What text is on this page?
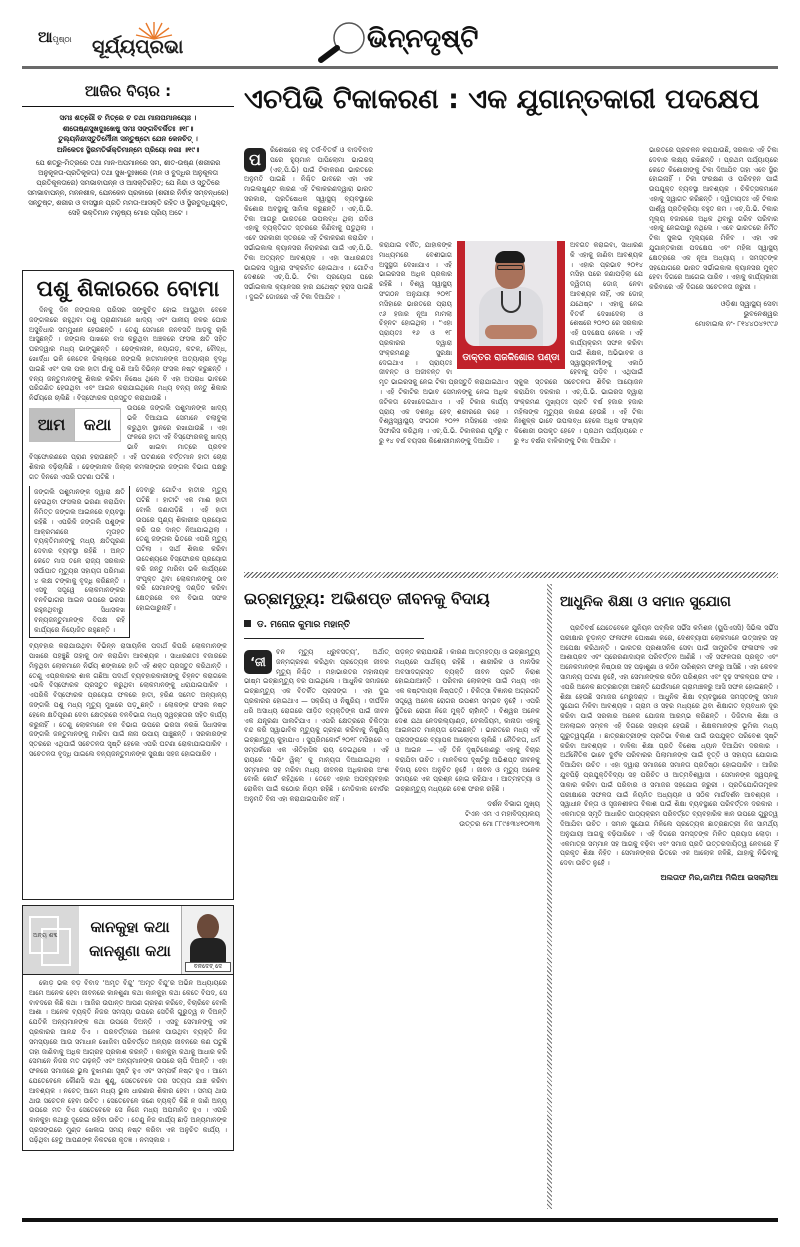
ଆପୃଷ୍ଠା ସୂର୍ଯ୍ୟପ୍ରଭା	ଭିନ୍ନଦୃଷ୍ଟି
ଆଜିର ବିଚାର :
ସମଃ ଶତ୍ରୌ ଚ ମିତ୍ରେ ଚ ତଥା ମାନାପମାନୟୋଃ ।
ଶୀତୋଷ୍ଣସୁଖଦୁଃଖେଷୁ ସମଃ ସଙ୍ଗବିବର୍ଜିତଃ ॥୧୮॥
ତୁଲ୍ୟନିନ୍ଦାସ୍ତୁତିର୍ମୌନୀ ସନ୍ତୁଷ୍ଟୋ ଯେନ କେନଚିତ୍ ।
ଅନିକେତଃ ସ୍ଥିରମତିର୍ଭକ୍ତିମାନ୍ମେ ପ୍ରିୟୋ ନରଃ ॥୧୯॥
ଯେ ଶତ୍ରୁ-ମିତ୍ରରେ ତଥା ମାନ-ଅପମାନରେ ସମ, ଶୀତ-ଉଷ୍ଣ (ଶରୀରର ଅନୁକୂଳତା-ପ୍ରତିକୂଳତା) ତଥା ସୁଖ-ଦୁଃଖରେ (ମନ ଓ ବୁଦ୍ଧିର ଅନୁକୂଳତା ପ୍ରତିକୂଳତାରେ) ସମଭାବାପନ୍ନ ଓ ଆସକ୍ତିରହିତ; ଯେ ନିନ୍ଦା ଓ ସ୍ତୁତିରେ ସମଭାବାପନ୍ନ, ମନନଶୀଳ, ଯେନକେନ ପ୍ରକାରେ (ଶରୀର ନିର୍ବାହ ସମ୍ବନ୍ଧରେ) ସନ୍ତୁଷ୍ଟ, ଶରୀର ଓ ବାସସ୍ଥାନ ପ୍ରତି ମମତା-ଆସକ୍ତି ରହିତ ଓ ସ୍ଥିରବୁଦ୍ଧିଯୁକ୍ତ, ସେହି ଭକ୍ତିମାନ ମନୁଷ୍ୟ ମୋର ପ୍ରିୟ ଅଟେ ।
ପଶୁ ଶିକାରରେ ବୋମା

ଦିନକୁ ଦିନ ଜଙ୍ଗଲର ପରିସର ସଙ୍କୁଚିତ ହୋଇ ଆସୁଥିବା ବେଳେ ଜଙ୍ଗଲରେ ରହୁଥିବା ପଶୁ ପ୍ରାଣୀମାନେ ଖାଦ୍ୟ ଏବଂ ପାନୀୟ ଜଳର ଘୋର ଅସୁବିଧାର ସମ୍ମୁଖୀନ ହେଉଛନ୍ତି । ତେଣୁ ସେମାନେ ଜନବସତି ଆଡ଼କୁ ଚାଲି ଆସୁଛନ୍ତି । ଜଙ୍ଗଲ ପାଖରେ ବାସ କରୁଥିବା ଅଞ୍ଚଳରେ ଫସଲ କ୍ଷତି ସହିତ ଘରଦ୍ୱାର ମଧ୍ୟ ଭାଙ୍ଗୁଛନ୍ତି । ଢେଙ୍କାନାଳ, ନୟାଗଡ଼, କଟକ, ବୌଦ୍ଧ, ଖୋର୍ଦ୍ଧା ଭଳି କେତେକ ଜିଲ୍ଲାରେ ଜଙ୍ଗଲି ହାତୀମାନଙ୍କ ଅତ୍ୟାଚାର ବୃଦ୍ଧି ପାଇଛି ଏବଂ ପଲ ପଲ ହାତୀ ଗାଁକୁ ପଶି ଆସି ବିଭିନ୍ନ ଫସଲ ନଷ୍ଟ କରୁଛନ୍ତି । ବନ୍ୟ ଜନ୍ତୁମାନଙ୍କୁ ଶିକାର କରିବା ନିଷେଧ ଥିଲେ ବି ଏହା ଅପରାଧ ଭାବରେ ପରିଗଣିତ ହେଉଥିବା ଏବଂ ଆଇନ କରାଯାଇଥିଲେ ମଧ୍ୟ ବନ୍ୟ ଜନ୍ତୁ ଶିକାର ନିର୍ଭୟରେ ଚାଲିଛି । ବିସ୍ଫୋରକ ପ୍ରସ୍ତୁତ କରାଯାଉଛି ।

ଆମ	କଥା
ଉପରେ ଜଙ୍ଗଲି ପଶୁମାନଙ୍କ ଖାଦ୍ୟ ଭଳି ଦିଆଯାଇ ସେମାନେ ଚଲାବୁଲା କରୁଥିବା ସ୍ଥାନରେ ରଖାଯାଉଛି । ଏହା ଫଳରେ ହାତୀ ଏହି ବିସ୍ଫୋରକକୁ ଖାଦ୍ୟ ଭାବି ଖାଇବା ମାତ୍ରେ ପ୍ରବଳ ବିସ୍ଫୋରଣରେ ପ୍ରାଣ ହରାଉଛନ୍ତି । ଏହି ଘଟଣାରେ ବର୍ତ୍ତମାନ ହାତୀ ଚୋରା ଶିକାର ବଢ଼ିଚାଲିଛି । ଢେଙ୍କାନାଳ ଜିଲ୍ଲା କମଳାଙ୍ଗର ଜଙ୍ଗଲ ବିଭାଗ ପକ୍ଷରୁ ଗତ ଦିନରେ ଏପରି ଘଟଣା ଘଟିଛି ।
ଜଙ୍ଗଲି ପଶୁମାନଙ୍କ ଦ୍ୱାରା କ୍ଷତି ହେଉଥିବା ଫସଲର ଭରଣା କରାଯିବା ନିମିତ୍ତ ଜଙ୍ଗଲ ଆଇନରେ ବ୍ୟବସ୍ଥା ରହିଛି । ଏପରିକି ଜଙ୍ଗଲି ପଶୁଙ୍କ ଆକ୍ରମଣରେ ମୃତାହତ ବ୍ୟକ୍ତିମାନଙ୍କୁ ମଧ୍ୟ କ୍ଷତିପୂରଣ ଦେବାର ବ୍ୟବସ୍ଥା ରହିଛି । ଅନ୍ତ କେତେ ମାସ ତଳେ ରାଜ୍ୟ ସରକାର ସର୍ପାଘାତ ମୃତ୍ୟୁର ସହାୟତା ପରିମାଣ ୪ ଲକ୍ଷ ଟଙ୍କାକୁ ବୃଦ୍ଧି କରିଛନ୍ତି । ଏସବୁ ସତ୍ତ୍ୱେ ଲୋକମାନଙ୍କର ବନବିଭାଗର ଆଇନ ଉପରେ ଭରସା ରହୁନଥିବାରୁ ସିଧାସଳଖ ବନ୍ୟଜନ୍ତୁମାନଙ୍କ ବିପକ୍ଷ ରହି କାର୍ଯ୍ୟରେ ନିୟୋଜିତ ରହୁଛନ୍ତି ।
ଦେବାରୁ ଗୋଟିଏ ହାତୀର ମୃତ୍ୟୁ ଘଟିଛି । ହାତୀଟି ଏକ ମାଈ ହାତୀ ବୋଲି ଜଣାପଡ଼ିଛି । ଏହି ହାତୀ ଉପରେ ଘୃଣ୍ୟ ଶିକାରୀର ପ୍ରୟୋଗ କରି ତାର ଦାନ୍ତ ନିଆଯାଇଥିଲା । ତେଣୁ ଜଙ୍ଗଲ ଭିତରେ ଏପରି ମୃତ୍ୟୁ ଘଟିଲା । ସାର୍ଥ ଶିକାର କରିବା ଉଦ୍ଦେଶ୍ୟରେ ବିସ୍ଫୋରକ ପ୍ରୟୋଗ କରି ଜନ୍ତୁ ମାରିବା ଭଳି କାର୍ଯ୍ୟରେ ସଂପୃକ୍ତ ଥିବା ଲୋକମାନଙ୍କୁ ଠାବ କରି ସେମାନଙ୍କୁ ଦଣ୍ଡିତ କରିବା କ୍ଷେତ୍ରରେ ବନ ବିଭାଗ ସଫଳ ହୋଇପାରୁନାହିଁ ।
ବ୍ୟବହାର କରାଯାଉଥିବା ବିଭିନ୍ନ ରାସାୟନିକ ପଦାର୍ଥ କିପରି ଲୋକମାନଙ୍କ ପାଖରେ ପହଞ୍ଚୁଛି ତାହାକୁ ଠାବ କରାଯିବା ଆବଶ୍ୟକ । ସାଧାରଣତଃ ବଜାରରେ ମିଳୁଥିବା ଲୋକମାନେ ନିର୍ଭୟ ଶଙ୍କାରେ ହାତି ଏହି ଶକ୍ତ ପ୍ରସ୍ତୁତ କରିଥାନ୍ତି । ତେଣୁ ଏପ୍ରକାରର ଶାକ ଗଛିଆ ପଦାର୍ଥ ବ୍ୟବହାରକାରୀଙ୍କୁ ଚିହ୍ନଟ କରାଗଲେ ଏଭଳି ବିସ୍ଫୋରକ ପ୍ରସ୍ତୁତ କରୁଥିବା ଲୋକମାନଙ୍କୁ ଧରାଯାଇପାରିବ । ଏପରିକି ବିସ୍ଫୋରକ ପ୍ରୟୋଗ ଫଳରେ ହାତୀ, ହରିଣ ସମେତ ଅନ୍ୟାନ୍ୟ ଜଙ୍ଗଲି ପଶୁ ମଧ୍ୟ ମୃତ୍ୟୁ ମୁଖରେ ପଡ଼ୁଛନ୍ତି । ଲୋକଙ୍କ ଫସଲ ନଷ୍ଟ ହେଲେ କ୍ଷତିପୂରଣ ଦେବା କ୍ଷେତ୍ରରେ ବନବିଭାଗ ମଧ୍ୟ ସ୍ୱଚ୍ଛତାର ସହିତ କାର୍ଯ୍ୟ କରୁନାହିଁ । ତେଣୁ ଲୋକମାନେ ବନ ବିଭାଗ ଉପରେ ଭରସା ନରଖି ସିଧାସଳଖ ଜଙ୍ଗଲି ଜନ୍ତୁମାନଙ୍କୁ ମାରିବା ପାଇଁ ନାନା ଉପାୟ ପାଞ୍ଚୁଛନ୍ତି । ସରକାରଙ୍କ ସ୍ତରରେ ଏଥିପାଇଁ ସଚେତନତା ସୃଷ୍ଟି ହେଲେ ଏପରି ଘଟଣା ରୋକାଯାଇପାରିବ । ସଚେତନତା ବୃଦ୍ଧି ପାଇଲେ ବନ୍ୟଜନ୍ତୁମାନଙ୍କ ସୁରକ୍ଷା ସହଜ ହୋଇପାରିବ ।
ଅନ୍ୟ ଶବ୍ଦ	କାନକୁହା କଥା
କାନଶୁଣା କଥା
ବନଦେବ୍ ଦେ

କୋଡ଼ ଭଲ ବଡ଼ ବିବାଦ ‘ଅମୃତ ବିନ୍ଦୁ’ ‘ଅମୃତ ବିନ୍ଦୁ’ର ଅଭିନ ଅଧ୍ୟାୟରେ ଆମେ ଅନେକ ହେବା ଜୀବନରେ କାନଶୁଣା କଥା କାନକୁହା କଥା କେତେ ବିପଦ, ସେ ବାବଦରେ କିଛି କଥା । ଆଜିର ଉପାନ୍ତ ଆପଣ ଗ୍ରହଣ କରିବେ, ବିଚାରିବେ ବୋଲି ଆଶା । ଅନେକ ବ୍ୟକ୍ତି ନିଜର ସମସ୍ୟା ଉପରେ ସେତିକି ଗୁରୁତ୍ୱ ନ ଦିଅନ୍ତି ଯେତିକି ଅନ୍ୟମାନଙ୍କ କଥା ଉପରେ ଦିଅନ୍ତି । ଏସବୁ ସେମାନଙ୍କୁ ଏକ ପ୍ରକାରର ଆନନ୍ଦ ଦିଏ । ପରବର୍ତ୍ତୀରେ ଅନେକ ପାଉଥିବା ବ୍ୟକ୍ତି ନିଜ ସମସ୍ୟାରେ ଆଉ ସମାଧାନ ଖୋଜିବା ପରିବର୍ତ୍ତେ ଅନ୍ୟର ଜୀବନରେ କଣ ଘଟୁଛି ତାହା ଜାଣିବାକୁ ଅଧିକ ଆଗ୍ରହ ପ୍ରକାଶ କରନ୍ତି । କାନକୁହା କଥାକୁ ଆଧାର କରି ସେମାନେ ନିଜର ମତ ଗଢ଼ନ୍ତି ଏବଂ ଅନ୍ୟମାନଙ୍କ ଉପରେ ଚାପି ଦିଅନ୍ତି । ଏହା ଫଳରେ ସମାଜରେ ଭୁଲ ବୁଝାମଣା ସୃଷ୍ଟି ହୁଏ ଏବଂ ସମ୍ପର୍କ ନଷ୍ଟ ହୁଏ । ଆମେ ଯେତେବେଳେ କୌଣସି କଥା ଶୁଣୁ, ସେତେବେଳେ ତାର ସତ୍ୟତା ଯାଞ୍ଚ କରିବା ଆବଶ୍ୟକ । ନଚେତ୍ ଆମେ ମଧ୍ୟ ଭୁଲ ଧାରଣାର ଶିକାର ହେବା । ସମୟ ଥାଉ ଥାଉ ସଚେତନ ହେବା ଉଚିତ । ସେତେବେଳେ ଜଣେ ବ୍ୟକ୍ତି କିଛି ନ ଜାଣି ଅନ୍ୟ ଉପରେ ମତ ଦିଏ ସେତେବେଳେ ସେ ନିଜେ ମଧ୍ୟ ଅପମାନିତ ହୁଏ । ଏପରି କାନକୁହା କଥାରୁ ଦୂରେଇ ରହିବା ଉଚିତ । ତେଣୁ ନିଜ କାର୍ଯ୍ୟ ଛାଡ଼ି ଅନ୍ୟମାନଙ୍କ ପ୍ରସଙ୍ଗରେ ମୁଣ୍ଡ ଖେଳାଇ ସମୟ ନଷ୍ଟ କରିବା ଏକ ଅନୁଚିତ କାର୍ଯ୍ୟ । ପଢ଼ିଥିବା ହେତୁ ଆପଣଙ୍କ ନିକଟରେ କୃତଜ୍ଞ । ନମସ୍କାର ।

ଏଚପିଭି ଟିକାକରଣ : ଏକ ଯୁଗାନ୍ତକାରୀ ପଦକ୍ଷେପ
ପ	ରିଶେଷରେ କହୁ ତର୍ଜ-ବିତର୍କ ଓ ବାଦବିବାଦ ପରେ ହ୍ୟୁମାନ ପାପିଲୋମା ଭାଇରସ୍ (ଏଚ୍.ପି.ଭି) ପାଇଁ ଟିକାକରଣ ଭାରତରେ ଅନୁମତି ପାଇଛି । ନିଶ୍ଚିତ ଭାବରେ ଏହା ଏକ ମାଇଲଖୁଣ୍ଟ କାରଣ ଏହି ଟିକାକରଣଦ୍ୱାରା ଭାରତ ସରକାର, ପ୍ରତିଷେଧକ ସ୍ୱାସ୍ଥ୍ୟ ବ୍ୟବସ୍ଥାରେ କିଶୋର ଅବସ୍ଥାକୁ ସାମିଲ କରୁଛନ୍ତି । ଏଚ୍.ପି.ଭି. ଟିକା ଆଗରୁ ଭାରତରେ ଉପଲବ୍ଧ ଥିଲା ଯଦିଓ ଏହାକୁ ବ୍ୟକ୍ତିଗତ ସ୍ତରରେ କିଣିବାକୁ ପଡୁଥିଲା । ଏବେ ସରକାରୀ ସ୍ତରରେ ଏହି ଟିକାକରଣ କରାଯିବ । ସର୍ଭାଇକାଲ କ୍ୟାନସର ନିରାକରଣ ପାଇଁ ଏଚ୍.ପି.ଭି. ଟିକା ଅତ୍ୟନ୍ତ ଆବଶ୍ୟକ । ଏହା ସାଧାରଣତଃ ଭାଇରସ ଦ୍ୱାରା ସଂକ୍ରମିତ ହୋଇଥାଏ । ଗୋଟିଏ ଦେଶରେ ଏଚ୍.ପି.ଭି. ଟିକା ପ୍ରୟୋଗ ପରେ ସର୍ଭାଇକାଲ କ୍ୟାନସର ହାର ଯଥେଷ୍ଟ ହ୍ରାସ ପାଇଛି । ଦୁଇଟି ଡୋଜରେ ଏହି ଟିକା ଦିଆଯିବ ।
କରାଯାଇ ବର୍ଜିତ, ଯାହାକଙ୍କ ମାଧ୍ୟମରେ ବେଶୀଭାଗ ଅସୁସ୍ଥତା ଦେଖାଯାଏ । ଏହି ଭାଇରସର ଅଧିକ ପ୍ରକାର ରହିଛି । ବିଶ୍ୱ ସ୍ୱାସ୍ଥ୍ୟ ସଂଗଠନ ଅନୁଯାୟୀ ୨୦୧୮ ମସିହାରେ ଭାରତରେ ପ୍ରାୟ ୯୬ ହଜାର ନୂଆ ମାମଲା ଚିହ୍ନଟ ହୋଇଥିଲା । “ଏହା ପ୍ରାୟତଃ ୧୬ ଓ ୧୮ ପ୍ରକାରର ଦ୍ୱାରା ସଂକ୍ରମଣରୁ ସୁରକ୍ଷା ଦେଇଥାଏ । ପ୍ରାୟତଃ ଜୀବନ୍ତ ଓ ଅଜୀବନ୍ତ ବା ମୃତ ଭାଇରସକୁ ନେଇ ଟିକା ପ୍ରସ୍ତୁତି କରାଯାଇଥାଏ । ଏହି ଟିକାଟିର ଅଭାବ ସେମାନଙ୍କୁ ନେଇ ଅଧିକ ଜଟିଳତା ଦେଖାଦେଇଥାଏ । ଏହି ଟିକାର କାର୍ଯ୍ୟ ପ୍ରାୟ ଏକ ଦଶନ୍ଧି ହେବ୍ ଶରୀରରେ ରହେ । ବିଶ୍ୱସ୍ୱାସ୍ଥ୍ୟ ସଂଗଠନ ୨୦୨୨ ମସିହାରେ ଏହାର ସିଫାରିସ କରିଥିଲା । ଏଚ୍.ପି.ଭି. ଟିକାକରଣ ପୂର୍ବରୁ ୯ ରୁ ୧୪ ବର୍ଷ ବୟସର କିଶୋରୀମାନଙ୍କୁ ଦିଆଯିବ ।
ଅବଗତ କରାଇବା, ସାଧାରଣ କି ଏହାକୁ ଜାଣିବା ଆବଶ୍ୟକ । ଏହାର ପ୍ରଭାବ ୨୦୧୪ ମସିହା ପରେ ଜଣାପଡ଼ିଲା ଯେ ଦ୍ୱିତୀୟ ଡୋଜ୍ ନେବା ଆବଶ୍ୟକ ନାହିଁ, ଏକ ଡୋଜ୍ ଯଥେଷ୍ଟ । ଏହାକୁ ନେଇ ବିତର୍କ ଦେଖାଦେଲା ଓ ଶେଷରେ ୨୦୨୦ ରେ ସରକାର ଏହି ପଦକ୍ଷେପ ନେଲେ । ଏହି କାର୍ଯ୍ୟକ୍ରମ ସଫଳ କରିବା ପାଇଁ ଶିକ୍ଷକ, ଅଭିଭାବକ ଓ ସ୍ୱାସ୍ଥ୍ୟକର୍ମୀଙ୍କୁ ଏକାଠି ହେବାକୁ ପଡ଼ିବ । ଏଥିପାଇଁ ସ୍କୁଲ ସ୍ତରରେ ସଚେତନତା ଶିବିର ଆୟୋଜନ କରାଯିବା ଦରକାର । ଏଚ୍.ପି.ଭି. ଭାଇରସ ଦ୍ୱାରା ସଂକ୍ରମଣ ମୁଖ୍ୟତଃ ପ୍ରତି ବର୍ଷ ହଜାର ହଜାର ମହିଳାଙ୍କ ମୃତ୍ୟୁର କାରଣ ହେଉଛି । ଏହି ଟିକା ନିଃଶୁଳ୍କ ଭାବେ ଉପଲବ୍ଧ ହେଲେ ଅଧିକ ସଂଖ୍ୟକ କିଶୋରୀ ଉପକୃତ ହେବେ । ପ୍ରଥମ ପର୍ଯ୍ୟାୟରେ ୯ ରୁ ୧୪ ବର୍ଷର ବାଳିକାଙ୍କୁ ଟିକା ଦିଆଯିବ ।
ଭାରତରେ ପ୍ରଚଳନ କରାଯାଉଛି, ସରକାର ଏହି ଟିକା ଦେବାର ଲକ୍ଷ୍ୟ ରଖିଛନ୍ତି । ପ୍ରଥମ ପର୍ଯ୍ୟାୟରେ କେତେ କିଶୋରୀଙ୍କୁ ଟିକା ଦିଆଯିବ ତାହା ଏବେ ସ୍ଥିର ହୋଇନାହିଁ । ଟିକା ସଂରକ୍ଷଣ ଓ ପରିବହନ ପାଇଁ ଉପଯୁକ୍ତ ବ୍ୟବସ୍ଥା ଆବଶ୍ୟକ । ଚିକିତ୍ସକମାନେ ଏହାକୁ ସ୍ୱାଗତ କରିଛନ୍ତି । ଦ୍ୱିତୀୟତଃ ଏହି ଟିକାର ପାର୍ଶ୍ୱ ପ୍ରତିକ୍ରିୟା ବହୁତ କମ । ଏଚ୍.ପି.ଭି. ଟିକାର ମୂଲ୍ୟ ବଜାରରେ ଅଧିକ ଥିବାରୁ ଗରିବ ପରିବାର ଏହାକୁ ନେଇପାରୁ ନଥିଲେ । ଏବେ ଭାରତରେ ନିର୍ମିତ ଟିକା ସୁଲଭ ମୂଲ୍ୟରେ ମିଳିବ । ଏହା ଏକ ଯୁଗାନ୍ତକାରୀ ପଦକ୍ଷେପ ଏବଂ ମହିଳା ସ୍ୱାସ୍ଥ୍ୟ କ୍ଷେତ୍ରରେ ଏକ ନୂଆ ଅଧ୍ୟାୟ । ସମସ୍ତଙ୍କ ସହଯୋଗରେ ଭାରତ ସର୍ଭାଇକାଲ କ୍ୟାନସର ମୁକ୍ତ ହେବା ଦିଗରେ ଆଗେଇ ପାରିବ । ଏହାକୁ କାର୍ଯ୍ୟକାରୀ କରିବାରେ ଏହି ଦିଗରେ ସଚେତନତା ଜରୁରୀ ।
ଓଡ଼ିଶା ସ୍ୱାସ୍ଥ୍ୟ ସେବା
ଭୁବନେଶ୍ୱର
ମୋବାଇଲ ନଂ- ୮୧୪୪୦୪୨୯୯୬
ଡାକ୍ତର ରାଜକିଶୋର ପଣ୍ଡା
ଇଚ୍ଛାମୃତ୍ୟୁ: ଅଭିଶପ୍ତ ଜୀବନକୁ ବିଦାୟ
ଡ. ମନୋଜ କୁମାର ମହାନ୍ତି
‘ଜୀ
ବନ ମୃତ୍ୟୁ ଧ୍ରୁବସତ୍ୟ’, ଅର୍ଥାତ୍ ଜନ୍ମଗ୍ରହଣ କରିଥିବା ପ୍ରତ୍ୟେକ ଜୀବର ମୃତ୍ୟୁ ନିଶ୍ଚିତ । ମହାଭାରତର ମହାନାୟକ ଭୀଷ୍ମ ଇଚ୍ଛାମୃତ୍ୟୁ ବର ପାଇଥିଲେ । ଆଧୁନିକ ସମାଜରେ ଇଚ୍ଛାମୃତ୍ୟୁ ଏକ ବିତର୍କିତ ପ୍ରସଙ୍ଗ । ଏହା ଦୁଇ ପ୍ରକାରର ହୋଇଥାଏ — ସକ୍ରିୟ ଓ ନିଷ୍କ୍ରିୟ । ଦୀର୍ଘଦିନ ଧରି ଅସାଧ୍ୟ ରୋଗରେ ପୀଡ଼ିତ ବ୍ୟକ୍ତିଙ୍କ ପାଇଁ ଜୀବନ ଏକ ଯନ୍ତ୍ରଣା ପାଲଟିଯାଏ । ଏପରି କ୍ଷେତ୍ରରେ ଚିକିତ୍ସା ବନ୍ଦ କରି ସ୍ୱାଭାବିକ ମୃତ୍ୟୁକୁ ଗ୍ରହଣ କରିବାକୁ ନିଷ୍କ୍ରିୟ ଇଚ୍ଛାମୃତ୍ୟୁ କୁହାଯାଏ । ସୁପ୍ରିମକୋର୍ଟ ୨୦୧୮ ମସିହାରେ ଏ ସମ୍ପର୍କରେ ଏକ ଐତିହାସିକ ରାୟ ଦେଇଥିଲେ । ଏହି ରାୟରେ ‘ଲିଭିଂ ୱିଲ୍’ କୁ ମାନ୍ୟତା ଦିଆଯାଇଥିଲା । ସମ୍ମାନର ସହ ମରିବା ମଧ୍ୟ ଜୀବନର ଅଧିକାରର ଅଂଶ ବୋଲି କୋର୍ଟ କହିଥିଲେ । ତେବେ ଏହାର ଅପବ୍ୟବହାର ରୋକିବା ପାଇଁ କଠୋର ନିୟମ ରହିଛି । ମେଡିକାଲ ବୋର୍ଡର ଅନୁମତି ବିନା ଏହା କରାଯାଇପାରିବ ନାହିଁ ।
ପଡ଼ନ୍ତ କରାଯାଉଛି । କାରଣ ଆତ୍ମହତ୍ୟା ଓ ଇଚ୍ଛାମୃତ୍ୟୁ ମଧ୍ୟରେ ପାର୍ଥକ୍ୟ ରହିଛି । ଶାରୀରିକ ଓ ମାନସିକ ଅବସାଦଗ୍ରସ୍ତ ବ୍ୟକ୍ତି ଜୀବନ ପ୍ରତି ନିରାଶ ହୋଇଯାଆନ୍ତି । ପରିବାର ଲୋକଙ୍କ ପାଇଁ ମଧ୍ୟ ଏହା ଏକ କଷ୍ଟଦାୟକ ନିଷ୍ପତ୍ତି । ଚିକିତ୍ସା ବିଜ୍ଞାନର ଅଗ୍ରଗତି ସତ୍ତ୍ୱେ ଅନେକ ରୋଗର ଉପଶମ ସମ୍ଭବ ନୁହେଁ । ଏପରି ସ୍ଥିତିରେ ରୋଗୀ ନିଜେ ମୁକ୍ତି ଚାହାଁନ୍ତି । ବିଶ୍ୱର ଅନେକ ଦେଶ ଯଥା ନେଦରଲ୍ୟାଣ୍ଡ, ବେଲଜିୟମ, କାନାଡା ଏହାକୁ ଆଇନଗତ ମାନ୍ୟତା ଦେଇଛନ୍ତି । ଭାରତରେ ମଧ୍ୟ ଏହି ପ୍ରସଙ୍ଗରେ ବ୍ୟାପକ ଆଲୋଚନା ଚାଲିଛି । ନୈତିକତା, ଧର୍ମ ଓ ଆଇନ — ଏହି ତିନି ଦୃଷ୍ଟିକୋଣରୁ ଏହାକୁ ବିଚାର କରାଯିବା ଉଚିତ । ମାନବିକତା ଦୃଷ୍ଟିରୁ ଅଭିଶପ୍ତ ଜୀବନକୁ ବିଦାୟ ଦେବା ଅନୁଚିତ ନୁହେଁ । ଜୀବନ ଓ ମୃତ୍ୟୁ ଅନେକ ସମୟରେ ଏକ ପ୍ରଶ୍ନ ହୋଇ ରହିଯାଏ । ଆତ୍ମହତ୍ୟା ଓ ଇଚ୍ଛାମୃତ୍ୟୁ ମଧ୍ୟରେ ବେଶ ଫରକ ରହିଛି ।
ଦର୍ଶନ ବିଭାଗ ମୁଖ୍ୟ
ଟିଏନ ଏମ ଏ ମହାବିଦ୍ୟାଳୟ
ଉତ୍ତର ମୋ ୮୮୯୫୩୪୧୦୩୩
ଆଧୁନିକ ଶିକ୍ଷା ଓ ସମାନ ସୁଯୋଗ

ପ୍ରତିବର୍ଷ ଯେତେବେଳେ ଯୁନିୟନ ପବ୍ଲିକ ସର୍ଭିସ କମିଶନ (ୟୁପିଏସସି) ସିଭିଲ ସର୍ଭିସ ପରୀକ୍ଷାର ଚୂଡ଼ାନ୍ତ ଫଳାଫଳ ଘୋଷଣା କରେ, ଦେଶବ୍ୟାପୀ ଲୋକମାନେ ଉତ୍ସାହର ସହ ଅପେକ୍ଷା କରିଥାନ୍ତି । ଭାରତର ପ୍ରଶାସନିକ ସେବା ପାଇଁ ସାମ୍ପ୍ରତିକ ଫଳାଫଳ ଏକ ଆଶାପ୍ରଦ ଏବଂ ପ୍ରେରଣାଦାୟକ ପରିବର୍ତ୍ତନ ଆଣିଛି । ଏହି ସଫଳତାର ପ୍ରକୃତ ଏବଂ ଅନେକମାନଙ୍କ ନିଷ୍ଠାର ସହ ପଢ଼ାଶୁଣା ଓ କଠିନ ପରିଶ୍ରମ ଫଳରୁ ଆସିଛି । ଏହା କେବଳ ସାମାନ୍ୟ ଘଟଣା ନୁହେଁ, ଏହା ସେମାନଙ୍କର କଠିନ ପରିଶ୍ରମ ଏବଂ ଦୃଢ଼ ସଂକଳ୍ପର ଫଳ । ଏପରି ଅନେକ ଛାତ୍ରଛାତ୍ରୀ ଅଛନ୍ତି ଯେଉଁମାନେ ଗ୍ରାମାଞ୍ଚଳରୁ ଆସି ସଫଳ ହୋଇଛନ୍ତି । ଶିକ୍ଷା ହେଉଛି ସମାଜର ମେରୁଦଣ୍ଡ । ଆଧୁନିକ ଶିକ୍ଷା ବ୍ୟବସ୍ଥାରେ ସମସ୍ତଙ୍କୁ ସମାନ ସୁଯୋଗ ମିଳିବା ଆବଶ୍ୟକ । ଗ୍ରାମ ଓ ସହର ମଧ୍ୟରେ ଥିବା ଶିକ୍ଷାଗତ ବ୍ୟବଧାନ ଦୂର କରିବା ପାଇଁ ସରକାର ଅନେକ ଯୋଜନା ଆରମ୍ଭ କରିଛନ୍ତି । ଡିଜିଟାଲ ଶିକ୍ଷା ଓ ଅନଲାଇନ ସମ୍ବଳ ଏହି ଦିଗରେ ସହାୟକ ହେଉଛି । ଶିକ୍ଷକମାନଙ୍କ ଭୂମିକା ମଧ୍ୟ ଗୁରୁତ୍ୱପୂର୍ଣ୍ଣ । ଛାତ୍ରଛାତ୍ରୀଙ୍କ ପ୍ରତିଭା ବିକାଶ ପାଇଁ ଉପଯୁକ୍ତ ପରିବେଶ ସୃଷ୍ଟି କରିବା ଆବଶ୍ୟକ । ବାଳିକା ଶିକ୍ଷା ପ୍ରତି ବିଶେଷ ଧ୍ୟାନ ଦିଆଯିବା ଦରକାର । ଅର୍ଥନୈତିକ ଭାବେ ଦୁର୍ବଳ ପରିବାରର ପିଲାମାନଙ୍କ ପାଇଁ ବୃତ୍ତି ଓ ସହାୟତା ଯୋଗାଇ ଦିଆଯିବା ଉଚିତ । ଏହା ଦ୍ୱାରା ସମାଜରେ ସମାନତା ପ୍ରତିଷ୍ଠା ହୋଇପାରିବ । ଆଜିର ଯୁବପିଢ଼ି ପ୍ରଯୁକ୍ତିବିଦ୍ୟା ସହ ପରିଚିତ ଓ ଆତ୍ମବିଶ୍ୱାସୀ । ସେମାନଙ୍କ ସ୍ୱପ୍ନକୁ ସାକାର କରିବା ପାଇଁ ପରିବାର ଓ ସମାଜର ସହଯୋଗ ଜରୁରୀ । ପ୍ରତିଯୋଗିତାମୂଳକ ପରୀକ୍ଷାରେ ସଫଳତା ପାଇଁ ନିୟମିତ ଅଧ୍ୟୟନ ଓ ସଠିକ ମାର୍ଗଦର୍ଶନ ଆବଶ୍ୟକ । ସ୍ୱାଧୀନ ଚିନ୍ତା ଓ ସୃଜନଶୀଳତା ବିକାଶ ପାଇଁ ଶିକ୍ଷା ବ୍ୟବସ୍ଥାରେ ପରିବର୍ତ୍ତନ ଦରକାର । ଏକମାତ୍ର ସ୍ମୃତି ଆଧାରିତ ପାଠ୍ୟକ୍ରମ ପରିବର୍ତ୍ତେ ବ୍ୟବହାରିକ ଜ୍ଞାନ ଉପରେ ଗୁରୁତ୍ୱ ଦିଆଯିବା ଉଚିତ । ସମାନ ସୁଯୋଗ ମିଳିଲେ ପ୍ରତ୍ୟେକ ଛାତ୍ରଛାତ୍ରୀ ନିଜ ସାମର୍ଥ୍ୟ ଅନୁଯାୟୀ ଆଗକୁ ବଢ଼ିପାରିବେ । ଏହି ଦିଗରେ ସମସ୍ତଙ୍କ ମିଳିତ ପ୍ରୟାସ ଲୋଡ଼ା । ଏକମାତ୍ର ସମ୍ମାନ ସହ ଆଗକୁ ବଢ଼ିବା ଏବଂ ସମାଜ ପ୍ରତି ଉତ୍ତରଦାୟିତ୍ୱ ନେବାରେ ହିଁ ପ୍ରକୃତ ଶିକ୍ଷା ନିହିତ । ସେମାନଙ୍କର ଭିତରେ ଏକ ଆଲୋକ ଜଳିଛି, ଯାହାକୁ ନିଭିବାକୁ ଦେବା ଉଚିତ ନୁହେଁ ।

ଅଲତାଫ ମିର,ଜାମିଆ ମିଲିଆ ଇସଲାମିଆ
